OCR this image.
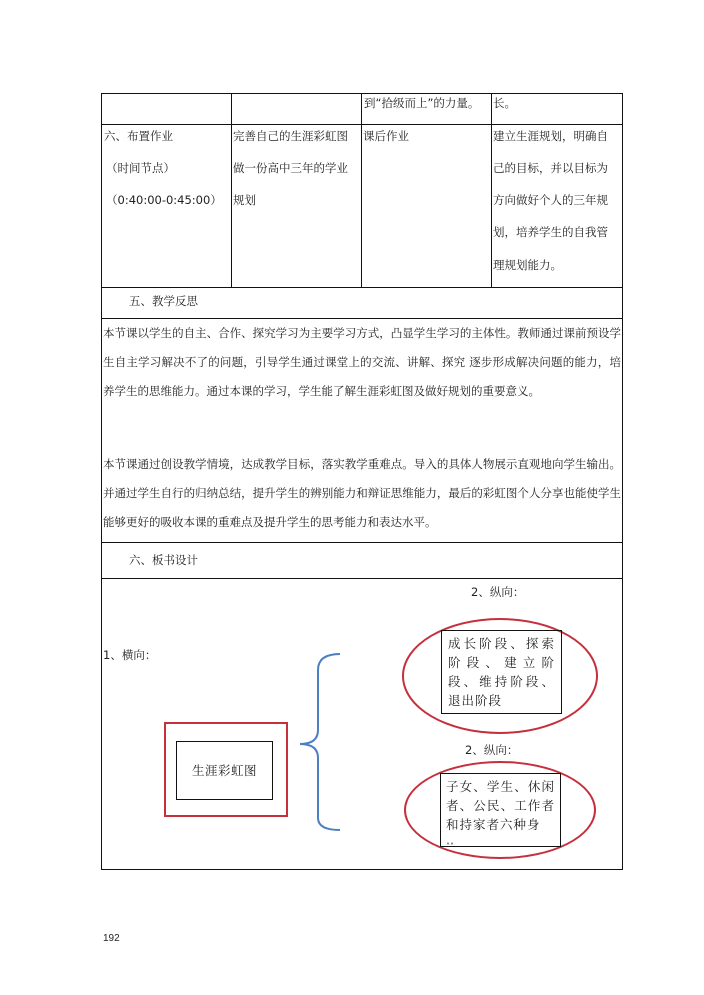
到“拾级而上”的力量。 长。
六、布置作业
（时间节点）
（0:40:00-0:45:00）
完善自己的生涯彩虹图
做一份高中三年的学业
规划
课后作业	建立生涯规划，明确自
己的目标，并以目标为
方向做好个人的三年规
划，培养学生的自我管
理规划能力。
五、教学反思
本节课以学生的自主、合作、探究学习为主要学习方式，凸显学生学习的主体性。教师通过课前预设学生自主学习解决不了的问题，引导学生通过课堂上的交流、讲解、探究 逐步形成解决问题的能力，培养学生的思维能力。通过本课的学习，学生能了解生涯彩虹图及做好规划的重要意义。
本节课通过创设教学情境，达成教学目标，落实教学重难点。导入的具体人物展示直观地向学生输出。并通过学生自行的归纳总结，提升学生的辨别能力和辩证思维能力，最后的彩虹图个人分享也能使学生能够更好的吸收本课的重难点及提升学生的思考能力和表达水平。
六、板书设计
2、纵向：
1、横向：
2、纵向：
生涯彩虹图
成长阶段、探索阶段、建立阶段、维持阶段、退出阶段
子女、学生、休闲者、公民、工作者和持家者六种身
˄˄
192
